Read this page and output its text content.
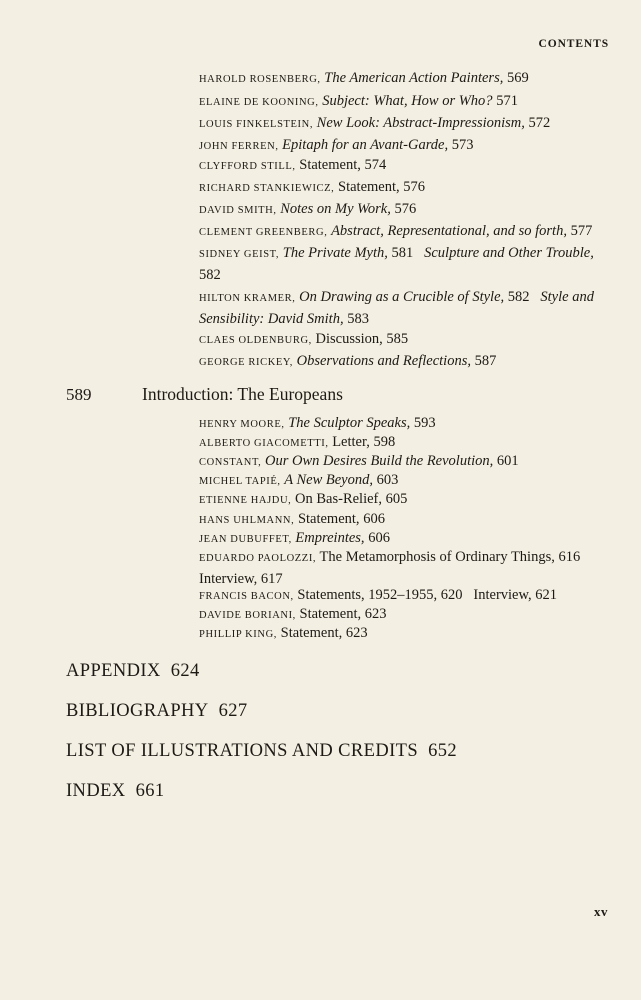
CONTENTS
HAROLD ROSENBERG, The American Action Painters, 569
ELAINE DE KOONING, Subject: What, How or Who? 571
LOUIS FINKELSTEIN, New Look: Abstract-Impressionism, 572
JOHN FERREN, Epitaph for an Avant-Garde, 573
CLYFFORD STILL, Statement, 574
RICHARD STANKIEWICZ, Statement, 576
DAVID SMITH, Notes on My Work, 576
CLEMENT GREENBERG, Abstract, Representational, and so forth, 577
SIDNEY GEIST, The Private Myth, 581 Sculpture and Other Trouble, 582
HILTON KRAMER, On Drawing as a Crucible of Style, 582 Style and Sensibility: David Smith, 583
CLAES OLDENBURG, Discussion, 585
GEORGE RICKEY, Observations and Reflections, 587
589	Introduction: The Europeans
HENRY MOORE, The Sculptor Speaks, 593
ALBERTO GIACOMETTI, Letter, 598
CONSTANT, Our Own Desires Build the Revolution, 601
MICHEL TAPIÉ, A New Beyond, 603
ETIENNE HAJDU, On Bas-Relief, 605
HANS UHLMANN, Statement, 606
JEAN DUBUFFET, Empreintes, 606
EDUARDO PAOLOZZI, The Metamorphosis of Ordinary Things, 616   Interview, 617
FRANCIS BACON, Statements, 1952–1955, 620 Interview, 621
DAVIDE BORIANI, Statement, 623
PHILLIP KING, Statement, 623
APPENDIX 624
BIBLIOGRAPHY 627
LIST OF ILLUSTRATIONS AND CREDITS 652
INDEX 661
xv
